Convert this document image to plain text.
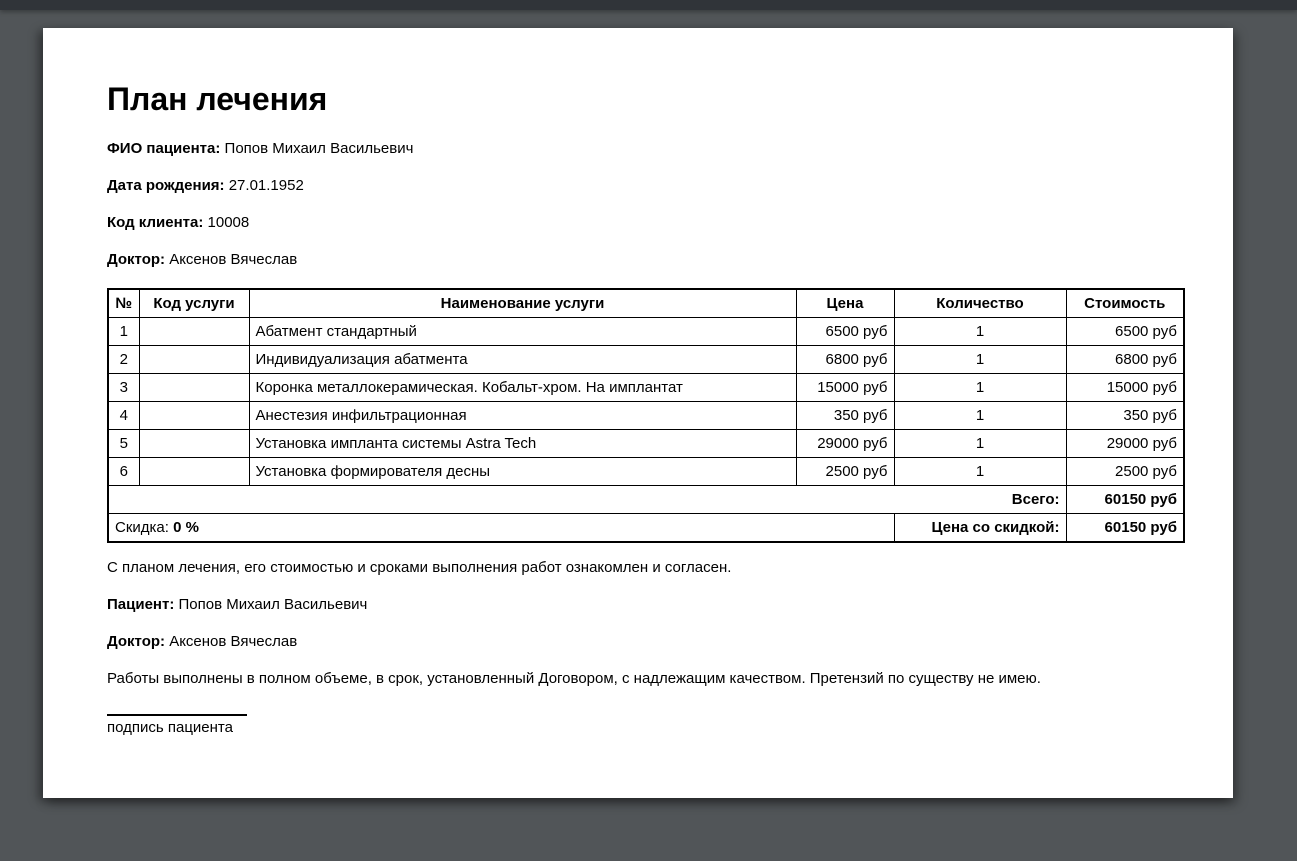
План лечения

ФИО пациента: Попов Михаил Васильевич

Дата рождения: 27.01.1952

Код клиента: 10008

Доктор: Аксенов Вячеслав

№	Код услуги	Наименование услуги	Цена	Количество	Стоимость
1		Абатмент стандартный	6500 руб	1	6500 руб
2		Индивидуализация абатмента	6800 руб	1	6800 руб
3		Коронка металлокерамическая. Кобальт-хром. На имплантат	15000 руб	1	15000 руб
4		Анестезия инфильтрационная	350 руб	1	350 руб
5		Установка импланта системы Astra Tech	29000 руб	1	29000 руб
6		Установка формирователя десны	2500 руб	1	2500 руб
Всего:					60150 руб
Скидка: 0 %				Цена со скидкой:	60150 руб

С планом лечения, его стоимостью и сроками выполнения работ ознакомлен и согласен.

Пациент: Попов Михаил Васильевич

Доктор: Аксенов Вячеслав

Работы выполнены в полном объеме, в срок, установленный Договором, с надлежащим качеством. Претензий по существу не имею.

подпись пациента
